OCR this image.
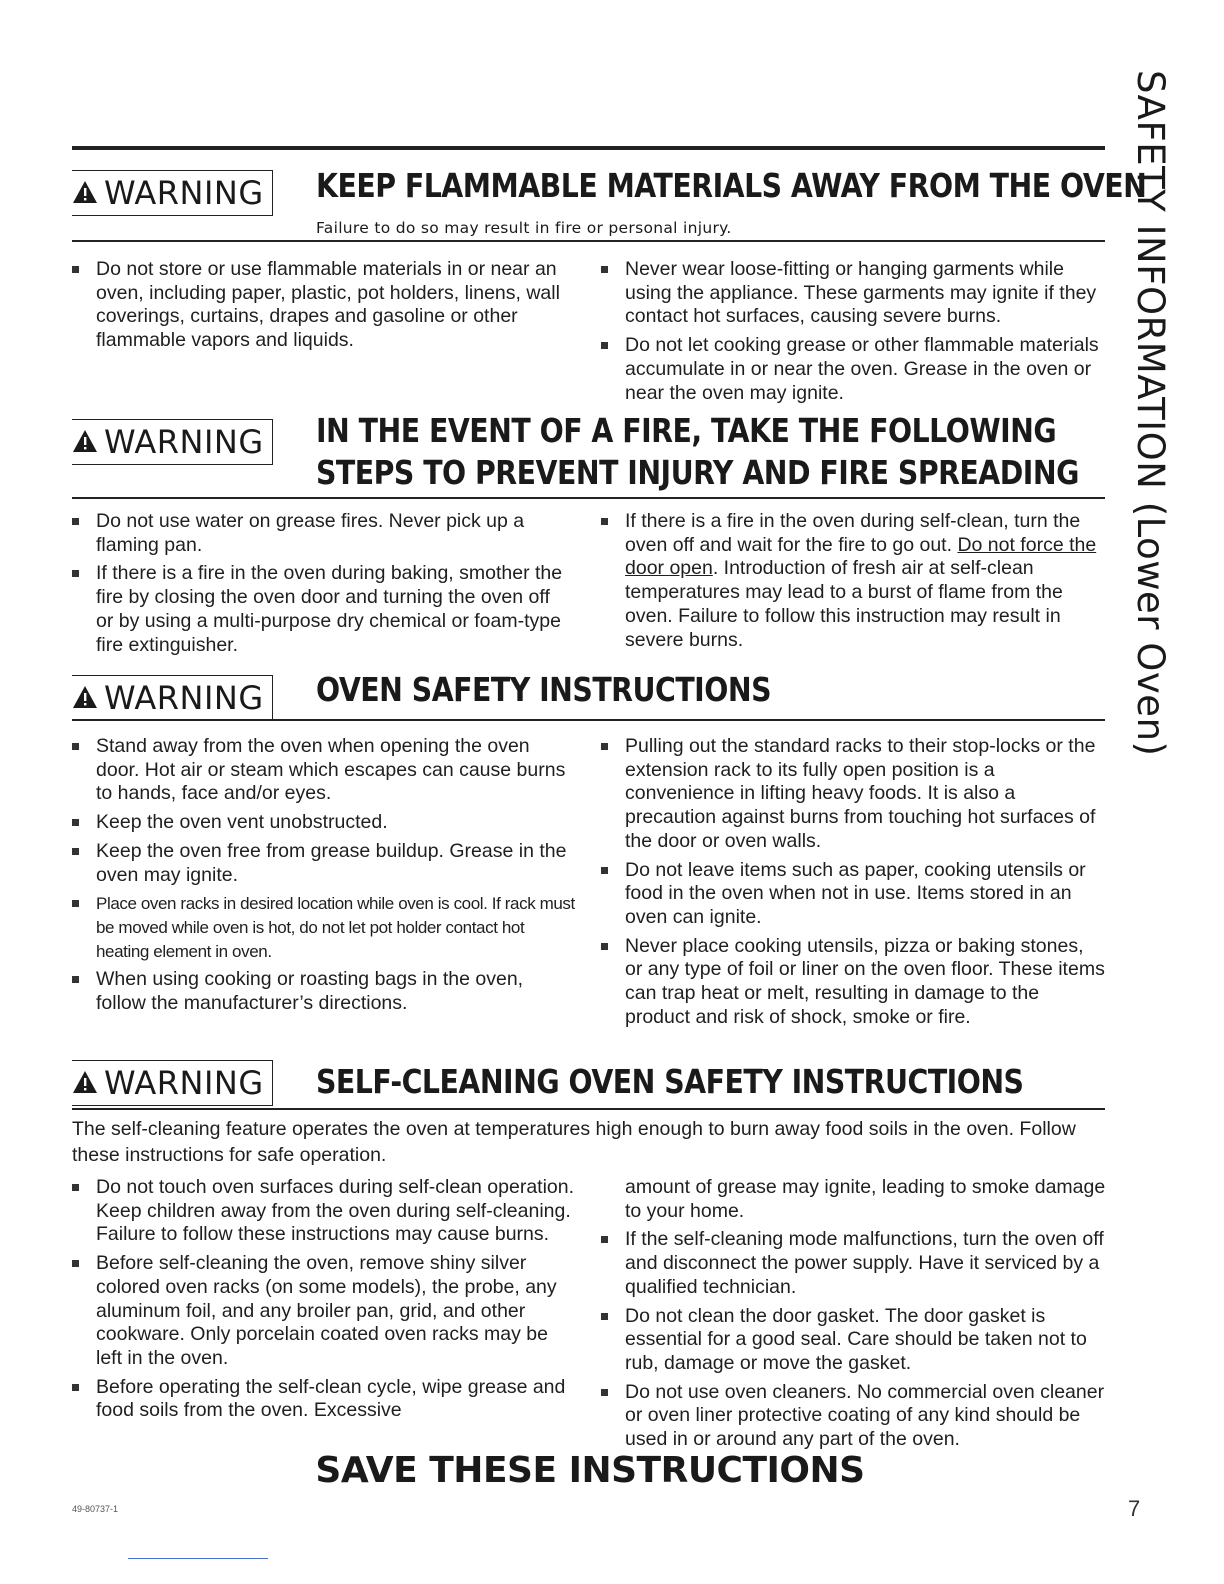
SAFETY INFORMATION (Lower Oven)
WARNING KEEP FLAMMABLE MATERIALS AWAY FROM THE OVEN
Failure to do so may result in fire or personal injury.
Do not store or use flammable materials in or near an oven, including paper, plastic, pot holders, linens, wall coverings, curtains, drapes and gasoline or other flammable vapors and liquids.
Never wear loose-fitting or hanging garments while using the appliance. These garments may ignite if they contact hot surfaces, causing severe burns.
Do not let cooking grease or other flammable materials accumulate in or near the oven. Grease in the oven or near the oven may ignite.
WARNING IN THE EVENT OF A FIRE, TAKE THE FOLLOWING
STEPS TO PREVENT INJURY AND FIRE SPREADING
Do not use water on grease fires. Never pick up a flaming pan.
If there is a fire in the oven during baking, smother the fire by closing the oven door and turning the oven off or by using a multi-purpose dry chemical or foam-type fire extinguisher.
If there is a fire in the oven during self-clean, turn the oven off and wait for the fire to go out. Do not force the door open. Introduction of fresh air at self-clean temperatures may lead to a burst of flame from the oven. Failure to follow this instruction may result in severe burns.
WARNING OVEN SAFETY INSTRUCTIONS
Stand away from the oven when opening the oven door. Hot air or steam which escapes can cause burns to hands, face and/or eyes.
Keep the oven vent unobstructed.
Keep the oven free from grease buildup. Grease in the oven may ignite.
Place oven racks in desired location while oven is cool. If rack must be moved while oven is hot, do not let pot holder contact hot heating element in oven.
When using cooking or roasting bags in the oven, follow the manufacturer’s directions.
Pulling out the standard racks to their stop-locks or the extension rack to its fully open position is a convenience in lifting heavy foods. It is also a precaution against burns from touching hot surfaces of the door or oven walls.
Do not leave items such as paper, cooking utensils or food in the oven when not in use. Items stored in an oven can ignite.
Never place cooking utensils, pizza or baking stones, or any type of foil or liner on the oven floor. These items can trap heat or melt, resulting in damage to the product and risk of shock, smoke or fire.
WARNING SELF-CLEANING OVEN SAFETY INSTRUCTIONS
The self-cleaning feature operates the oven at temperatures high enough to burn away food soils in the oven. Follow these instructions for safe operation.
Do not touch oven surfaces during self-clean operation. Keep children away from the oven during self-cleaning. Failure to follow these instructions may cause burns.
Before self-cleaning the oven, remove shiny silver colored oven racks (on some models), the probe, any aluminum foil, and any broiler pan, grid, and other cookware. Only porcelain coated oven racks may be left in the oven.
Before operating the self-clean cycle, wipe grease and food soils from the oven. Excessive

amount of grease may ignite, leading to smoke damage to your home.

If the self-cleaning mode malfunctions, turn the oven off and disconnect the power supply. Have it serviced by a qualified technician.
Do not clean the door gasket. The door gasket is essential for a good seal. Care should be taken not to rub, damage or move the gasket.
Do not use oven cleaners. No commercial oven cleaner or oven liner protective coating of any kind should be used in or around any part of the oven.
SAVE THESE INSTRUCTIONS
49-80737-1	7
